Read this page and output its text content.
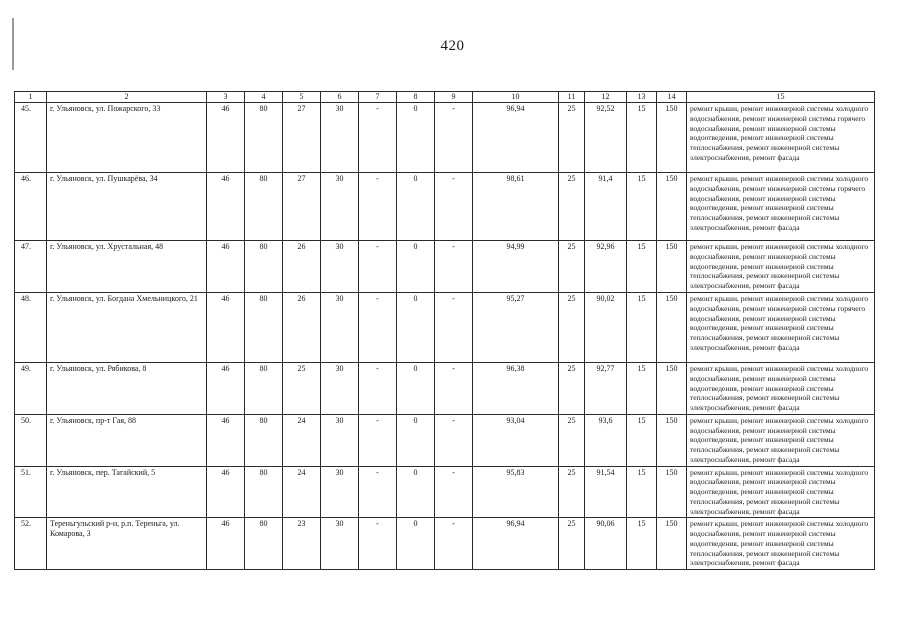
420
1	2	3	4	5	6	7	8	9	10	11	12	13	14	15
45.	г. Ульяновск, ул. Пожарского, 33	46	80	27	30	-	0	-	96,94	25	92,52	15	150	ремонт крыши, ремонт инженерной системы холодного водоснабжения, ремонт инженерной системы горячего водоснабжения, ремонт инженерной системы водоотведения, ремонт инженерной системы теплоснабжения, ремонт инженерной системы электроснабжения, ремонт фасада
46.	г. Ульяновск, ул. Пушкарёва, 34	46	80	27	30	-	0	-	98,61	25	91,4	15	150	ремонт крыши, ремонт инженерной системы холодного водоснабжения, ремонт инженерной системы горячего водоснабжения, ремонт инженерной системы водоотведения, ремонт инженерной системы теплоснабжения, ремонт инженерной системы электроснабжения, ремонт фасада
47.	г. Ульяновск, ул. Хрустальная, 48	46	80	26	30	-	0	-	94,99	25	92,96	15	150	ремонт крыши, ремонт инженерной системы холодного водоснабжения, ремонт инженерной системы водоотведения, ремонт инженерной системы теплоснабжения, ремонт инженерной системы электроснабжения, ремонт фасада
48.	г. Ульяновск, ул. Богдана Хмельницкого, 21	46	80	26	30	-	0	-	95,27	25	90,02	15	150	ремонт крыши, ремонт инженерной системы холодного водоснабжения, ремонт инженерной системы горячего водоснабжения, ремонт инженерной системы водоотведения, ремонт инженерной системы теплоснабжения, ремонт инженерной системы электроснабжения, ремонт фасада
49.	г. Ульяновск, ул. Рябикова, 8	46	80	25	30	-	0	-	96,38	25	92,77	15	150	ремонт крыши, ремонт инженерной системы холодного водоснабжения, ремонт инженерной системы водоотведения, ремонт инженерной системы теплоснабжения, ремонт инженерной системы электроснабжения, ремонт фасада
50.	г. Ульяновск, пр-т Гая, 88	46	80	24	30	-	0	-	93,04	25	93,6	15	150	ремонт крыши, ремонт инженерной системы холодного водоснабжения, ремонт инженерной системы водоотведения, ремонт инженерной системы теплоснабжения, ремонт инженерной системы электроснабжения, ремонт фасада
51.	г. Ульяновск, пер. Тагайский, 5	46	80	24	30	-	0	-	95,83	25	91,54	15	150	ремонт крыши, ремонт инженерной системы холодного водоснабжения, ремонт инженерной системы водоотведения, ремонт инженерной системы теплоснабжения, ремонт инженерной системы электроснабжения, ремонт фасада
52.	Тереньгульский р-н, р.п. Тереньга, ул. Комарова, 3	46	80	23	30	-	0	-	96,94	25	90,06	15	150	ремонт крыши, ремонт инженерной системы холодного водоснабжения, ремонт инженерной системы водоотведения, ремонт инженерной системы теплоснабжения, ремонт инженерной системы электроснабжения, ремонт фасада
